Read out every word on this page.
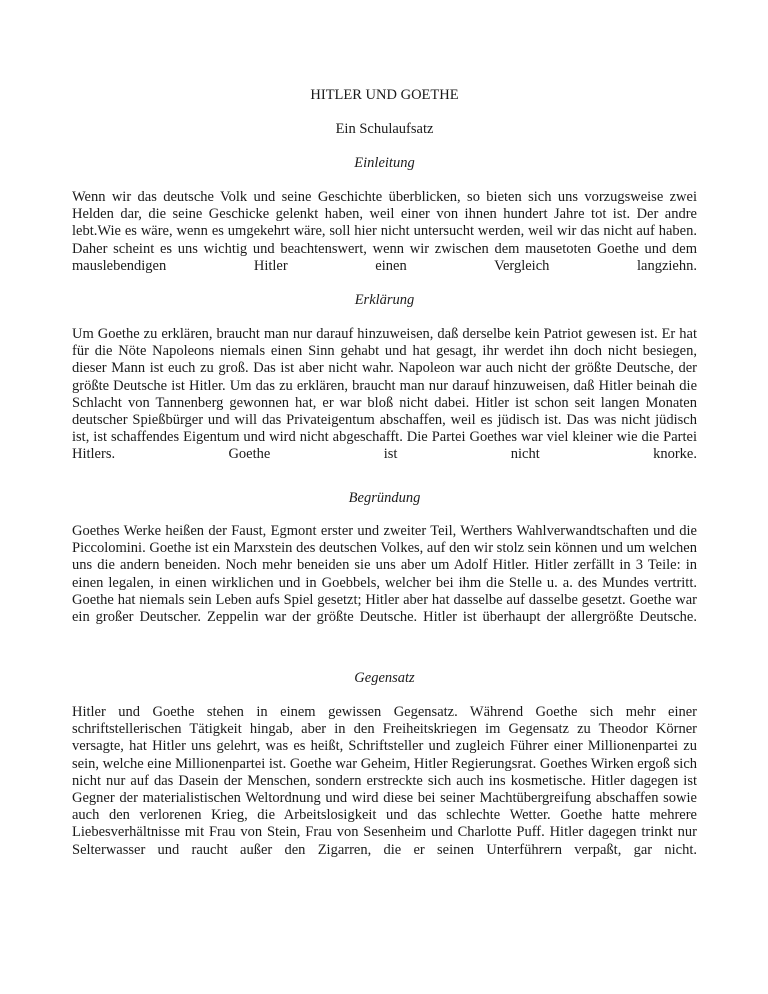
HITLER UND GOETHE
Ein Schulaufsatz
Einleitung

Wenn wir das deutsche Volk und seine Geschichte überblicken, so bieten sich uns vorzugsweise zwei Helden dar, die seine Geschicke gelenkt haben, weil einer von ihnen hundert Jahre tot ist. Der andre lebt.Wie es wäre, wenn es umgekehrt wäre, soll hier nicht untersucht werden, weil wir das nicht auf haben. Daher scheint es uns wichtig und beachtenswert, wenn wir zwischen dem mausetoten Goethe und dem mauslebendigen Hitler einen Vergleich langziehn.

Erklärung

Um Goethe zu erklären, braucht man nur darauf hinzuweisen, daß derselbe kein Patriot gewesen ist. Er hat für die Nöte Napoleons niemals einen Sinn gehabt und hat gesagt, ihr werdet ihn doch nicht besiegen, dieser Mann ist euch zu groß. Das ist aber nicht wahr. Napoleon war auch nicht der größte Deutsche, der größte Deutsche ist Hitler. Um das zu erklären, braucht man nur darauf hinzuweisen, daß Hitler beinah die Schlacht von Tannenberg gewonnen hat, er war bloß nicht dabei. Hitler ist schon seit langen Monaten deutscher Spießbürger und will das Privateigentum abschaffen, weil es jüdisch ist. Das was nicht jüdisch ist, ist schaffendes Eigentum und wird nicht abgeschafft. Die Partei Goethes war viel kleiner wie die Partei Hitlers. Goethe ist nicht knorke.

Begründung

Goethes Werke heißen der Faust, Egmont erster und zweiter Teil, Werthers Wahlverwandtschaften und die Piccolomini. Goethe ist ein Marxstein des deutschen Volkes, auf den wir stolz sein können und um welchen uns die andern beneiden. Noch mehr beneiden sie uns aber um Adolf Hitler. Hitler zerfällt in 3 Teile: in einen legalen, in einen wirklichen und in Goebbels, welcher bei ihm die Stelle u. a. des Mundes vertritt. Goethe hat niemals sein Leben aufs Spiel gesetzt; Hitler aber hat dasselbe auf dasselbe gesetzt. Goethe war ein großer Deutscher. Zeppelin war der größte Deutsche. Hitler ist überhaupt der allergrößte Deutsche.

Gegensatz

Hitler und Goethe stehen in einem gewissen Gegensatz. Während Goethe sich mehr einer schriftstellerischen Tätigkeit hingab, aber in den Freiheitskriegen im Gegensatz zu Theodor Körner versagte, hat Hitler uns gelehrt, was es heißt, Schriftsteller und zugleich Führer einer Millionenpartei zu sein, welche eine Millionenpartei ist. Goethe war Geheim, Hitler Regierungsrat. Goethes Wirken ergoß sich nicht nur auf das Dasein der Menschen, sondern erstreckte sich auch ins kosmetische. Hitler dagegen ist Gegner der materialistischen Weltordnung und wird diese bei seiner Machtübergreifung abschaffen sowie auch den verlorenen Krieg, die Arbeitslosigkeit und das schlechte Wetter. Goethe hatte mehrere Liebesverhältnisse mit Frau von Stein, Frau von Sesenheim und Charlotte Puff. Hitler dagegen trinkt nur Selterwasser und raucht außer den Zigarren, die er seinen Unterführern verpaßt, gar nicht.
